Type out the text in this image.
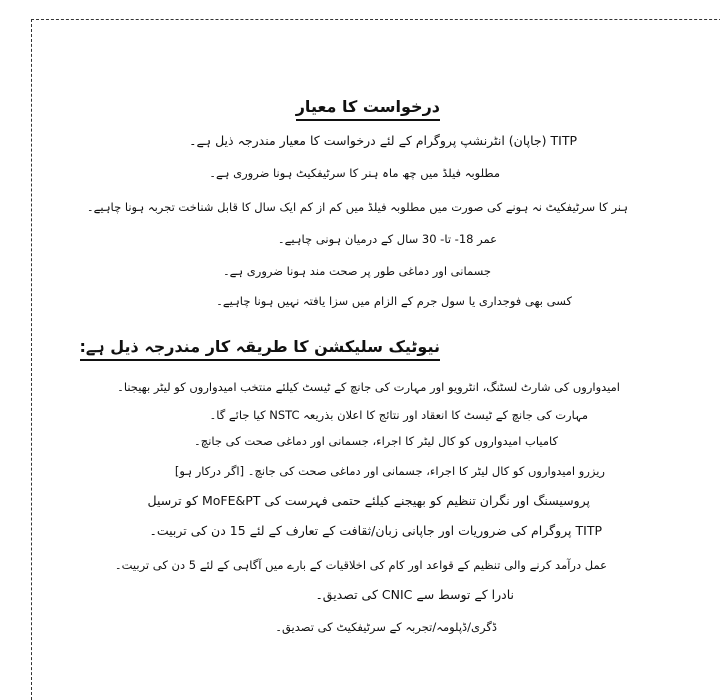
درخواست کا معیار
TITP (جاپان) انٹرنشپ پروگرام کے لئے درخواست کا معیار مندرجہ ذیل ہے۔
مطلوبہ فیلڈ میں چھ ماہ ہنر کا سرٹیفکیٹ ہونا ضروری ہے۔
ہنر کا سرٹیفکیٹ نہ ہونے کی صورت میں مطلوبہ فیلڈ میں کم از کم ایک سال کا قابل شناخت تجربہ ہونا چاہیے۔
عمر 18- تا- 30 سال کے درمیان ہونی چاہیے۔
جسمانی اور دماغی طور پر صحت مند ہونا ضروری ہے۔
کسی بھی فوجداری یا سول جرم کے الزام میں سزا یافتہ نہیں ہونا چاہیے۔
نیوٹیک سلیکشن کا طریقہ کار مندرجہ ذیل ہے:
امیدواروں کی شارٹ لسٹنگ، انٹرویو اور مہارت کی جانچ کے ٹیسٹ کیلئے منتخب امیدواروں کو لیٹر بھیجنا۔
مہارت کی جانچ کے ٹیسٹ کا انعقاد اور نتائج کا اعلان بذریعہ NSTC کیا جائے گا۔
کامیاب امیدواروں کو کال لیٹر کا اجراء، جسمانی اور دماغی صحت کی جانچ۔
ریزرو امیدواروں کو کال لیٹر کا اجراء، جسمانی اور دماغی صحت کی جانچ۔ [اگر درکار ہو]
پروسیسنگ اور نگران تنظیم کو بھیجنے کیلئے حتمی فہرست کی MoFE&PT کو ترسیل
TITP پروگرام کی ضروریات اور جاپانی زبان/ثقافت کے تعارف کے لئے 15 دن کی تربیت۔
عمل درآمد کرنے والی تنظیم کے قواعد اور کام کی اخلاقیات کے بارے میں آگاہی کے لئے 5 دن کی تربیت۔
نادرا کے توسط سے CNIC کی تصدیق۔
ڈگری/ڈپلومہ/تجربہ کے سرٹیفکیٹ کی تصدیق۔
